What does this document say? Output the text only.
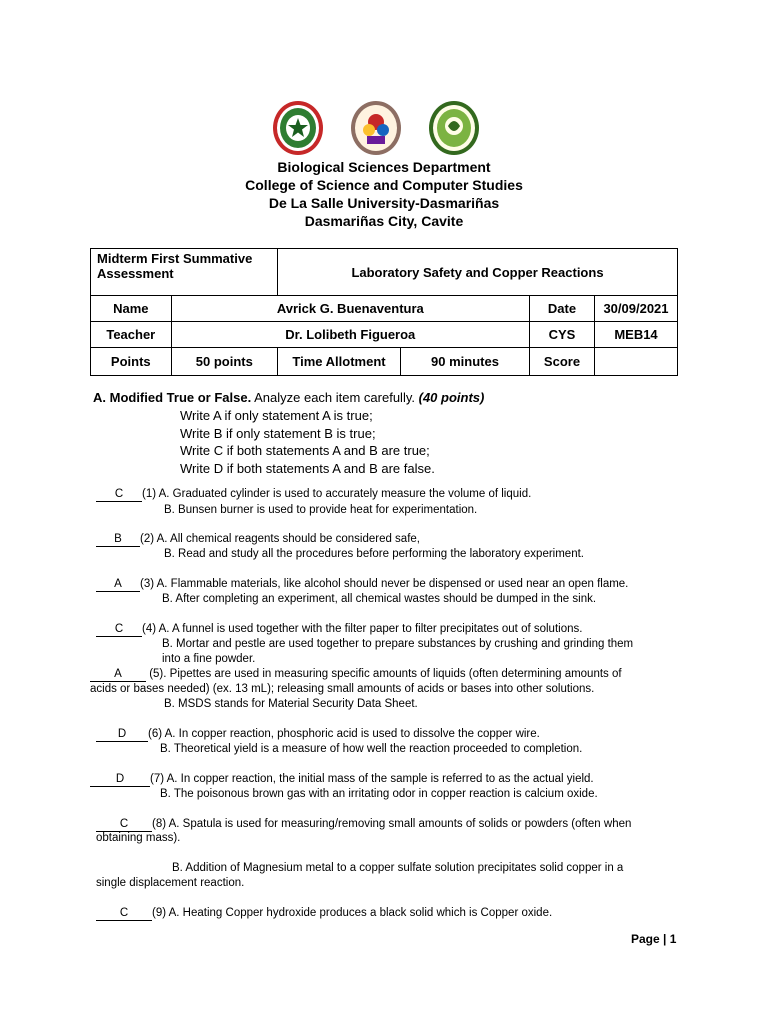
Biological Sciences Department
College of Science and Computer Studies
De La Salle University-Dasmariñas
Dasmariñas City, Cavite
Midterm First Summative Assessment		Laboratory Safety and Copper Reactions			
Name	Avrick G. Buenaventura			Date	30/09/2021
Teacher	Dr. Lolibeth Figueroa			CYS	MEB14
Points	50 points	Time Allotment	90 minutes	Score	
A. Modified True or False. Analyze each item carefully. (40 points)
Write A if only statement A is true;
Write B if only statement B is true;
Write C if both statements A and B are true;
Write D if both statements A and B are false.
C (1) A. Graduated cylinder is used to accurately measure the volume of liquid.
B. Bunsen burner is used to provide heat for experimentation.
B (2) A. All chemical reagents should be considered safe,
B. Read and study all the procedures before performing the laboratory experiment.
A (3) A. Flammable materials, like alcohol should never be dispensed or used near an open flame.
B. After completing an experiment, all chemical wastes should be dumped in the sink.
C (4) A. A funnel is used together with the filter paper to filter precipitates out of solutions.
B. Mortar and pestle are used together to prepare substances by crushing and grinding them
into a fine powder.
A (5). Pipettes are used in measuring specific amounts of liquids (often determining amounts of
acids or bases needed) (ex. 13 mL); releasing small amounts of acids or bases into other solutions.
B. MSDS stands for Material Security Data Sheet.
D (6) A. In copper reaction, phosphoric acid is used to dissolve the copper wire.
B. Theoretical yield is a measure of how well the reaction proceeded to completion.
D (7) A. In copper reaction, the initial mass of the sample is referred to as the actual yield.
B. The poisonous brown gas with an irritating odor in copper reaction is calcium oxide.
C (8) A. Spatula is used for measuring/removing small amounts of solids or powders (often when
obtaining mass).
B. Addition of Magnesium metal to a copper sulfate solution precipitates solid copper in a
single displacement reaction.
C (9) A. Heating Copper hydroxide produces a black solid which is Copper oxide.
Page | 1
